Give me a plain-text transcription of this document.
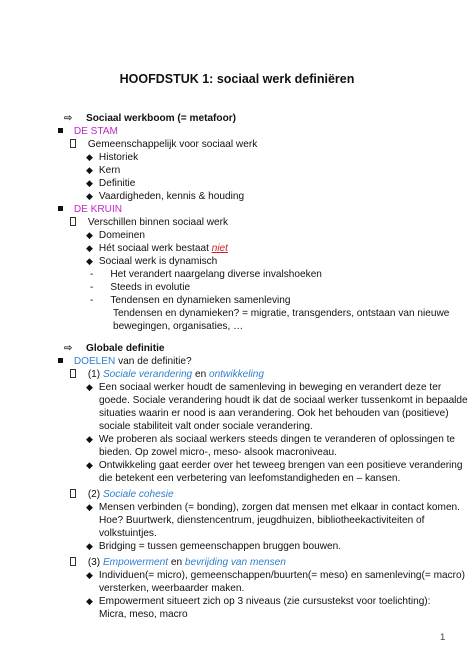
HOOFDSTUK 1: sociaal werk definiëren
⇨ Sociaal werkboom (= metafoor)
DE STAM
Gemeenschappelijk voor sociaal werk
◆ Historiek
◆ Kern
◆ Definitie
◆ Vaardigheden, kennis & houding
DE KRUIN
Verschillen binnen sociaal werk
◆ Domeinen
◆ Hét sociaal werk bestaat niet
◆ Sociaal werk is dynamisch
- Het verandert naargelang diverse invalshoeken
- Steeds in evolutie
- Tendensen en dynamieken samenleving
Tendensen en dynamieken? = migratie, transgenders, ontstaan van nieuwe
bewegingen, organisaties, …
⇨ Globale definitie
DOELEN van de definitie?
(1) Sociale verandering en ontwikkeling
◆ Een sociaal werker houdt de samenleving in beweging en verandert deze ter
goede. Sociale verandering houdt ik dat de sociaal werker tussenkomt in bepaalde
situaties waarin er nood is aan verandering. Ook het behouden van (positieve)
sociale stabiliteit valt onder sociale verandering.
◆ We proberen als sociaal werkers steeds dingen te veranderen of oplossingen te
bieden. Op zowel micro-, meso- alsook macroniveau.
◆ Ontwikkeling gaat eerder over het teweeg brengen van een positieve verandering
die betekent een verbetering van leefomstandigheden en – kansen.
(2) Sociale cohesie
◆ Mensen verbinden (= bonding), zorgen dat mensen met elkaar in contact komen.
Hoe? Buurtwerk, dienstencentrum, jeugdhuizen, bibliotheekactiviteiten of
volkstuintjes.
◆ Bridging = tussen gemeenschappen bruggen bouwen.
(3) Empowerment en bevrijding van mensen
◆ Individuen(= micro), gemeenschappen/buurten(= meso) en samenleving(= macro)
versterken, weerbaarder maken.
◆ Empowerment situeert zich op 3 niveaus (zie cursustekst voor toelichting):
Micra, meso, macro
1
